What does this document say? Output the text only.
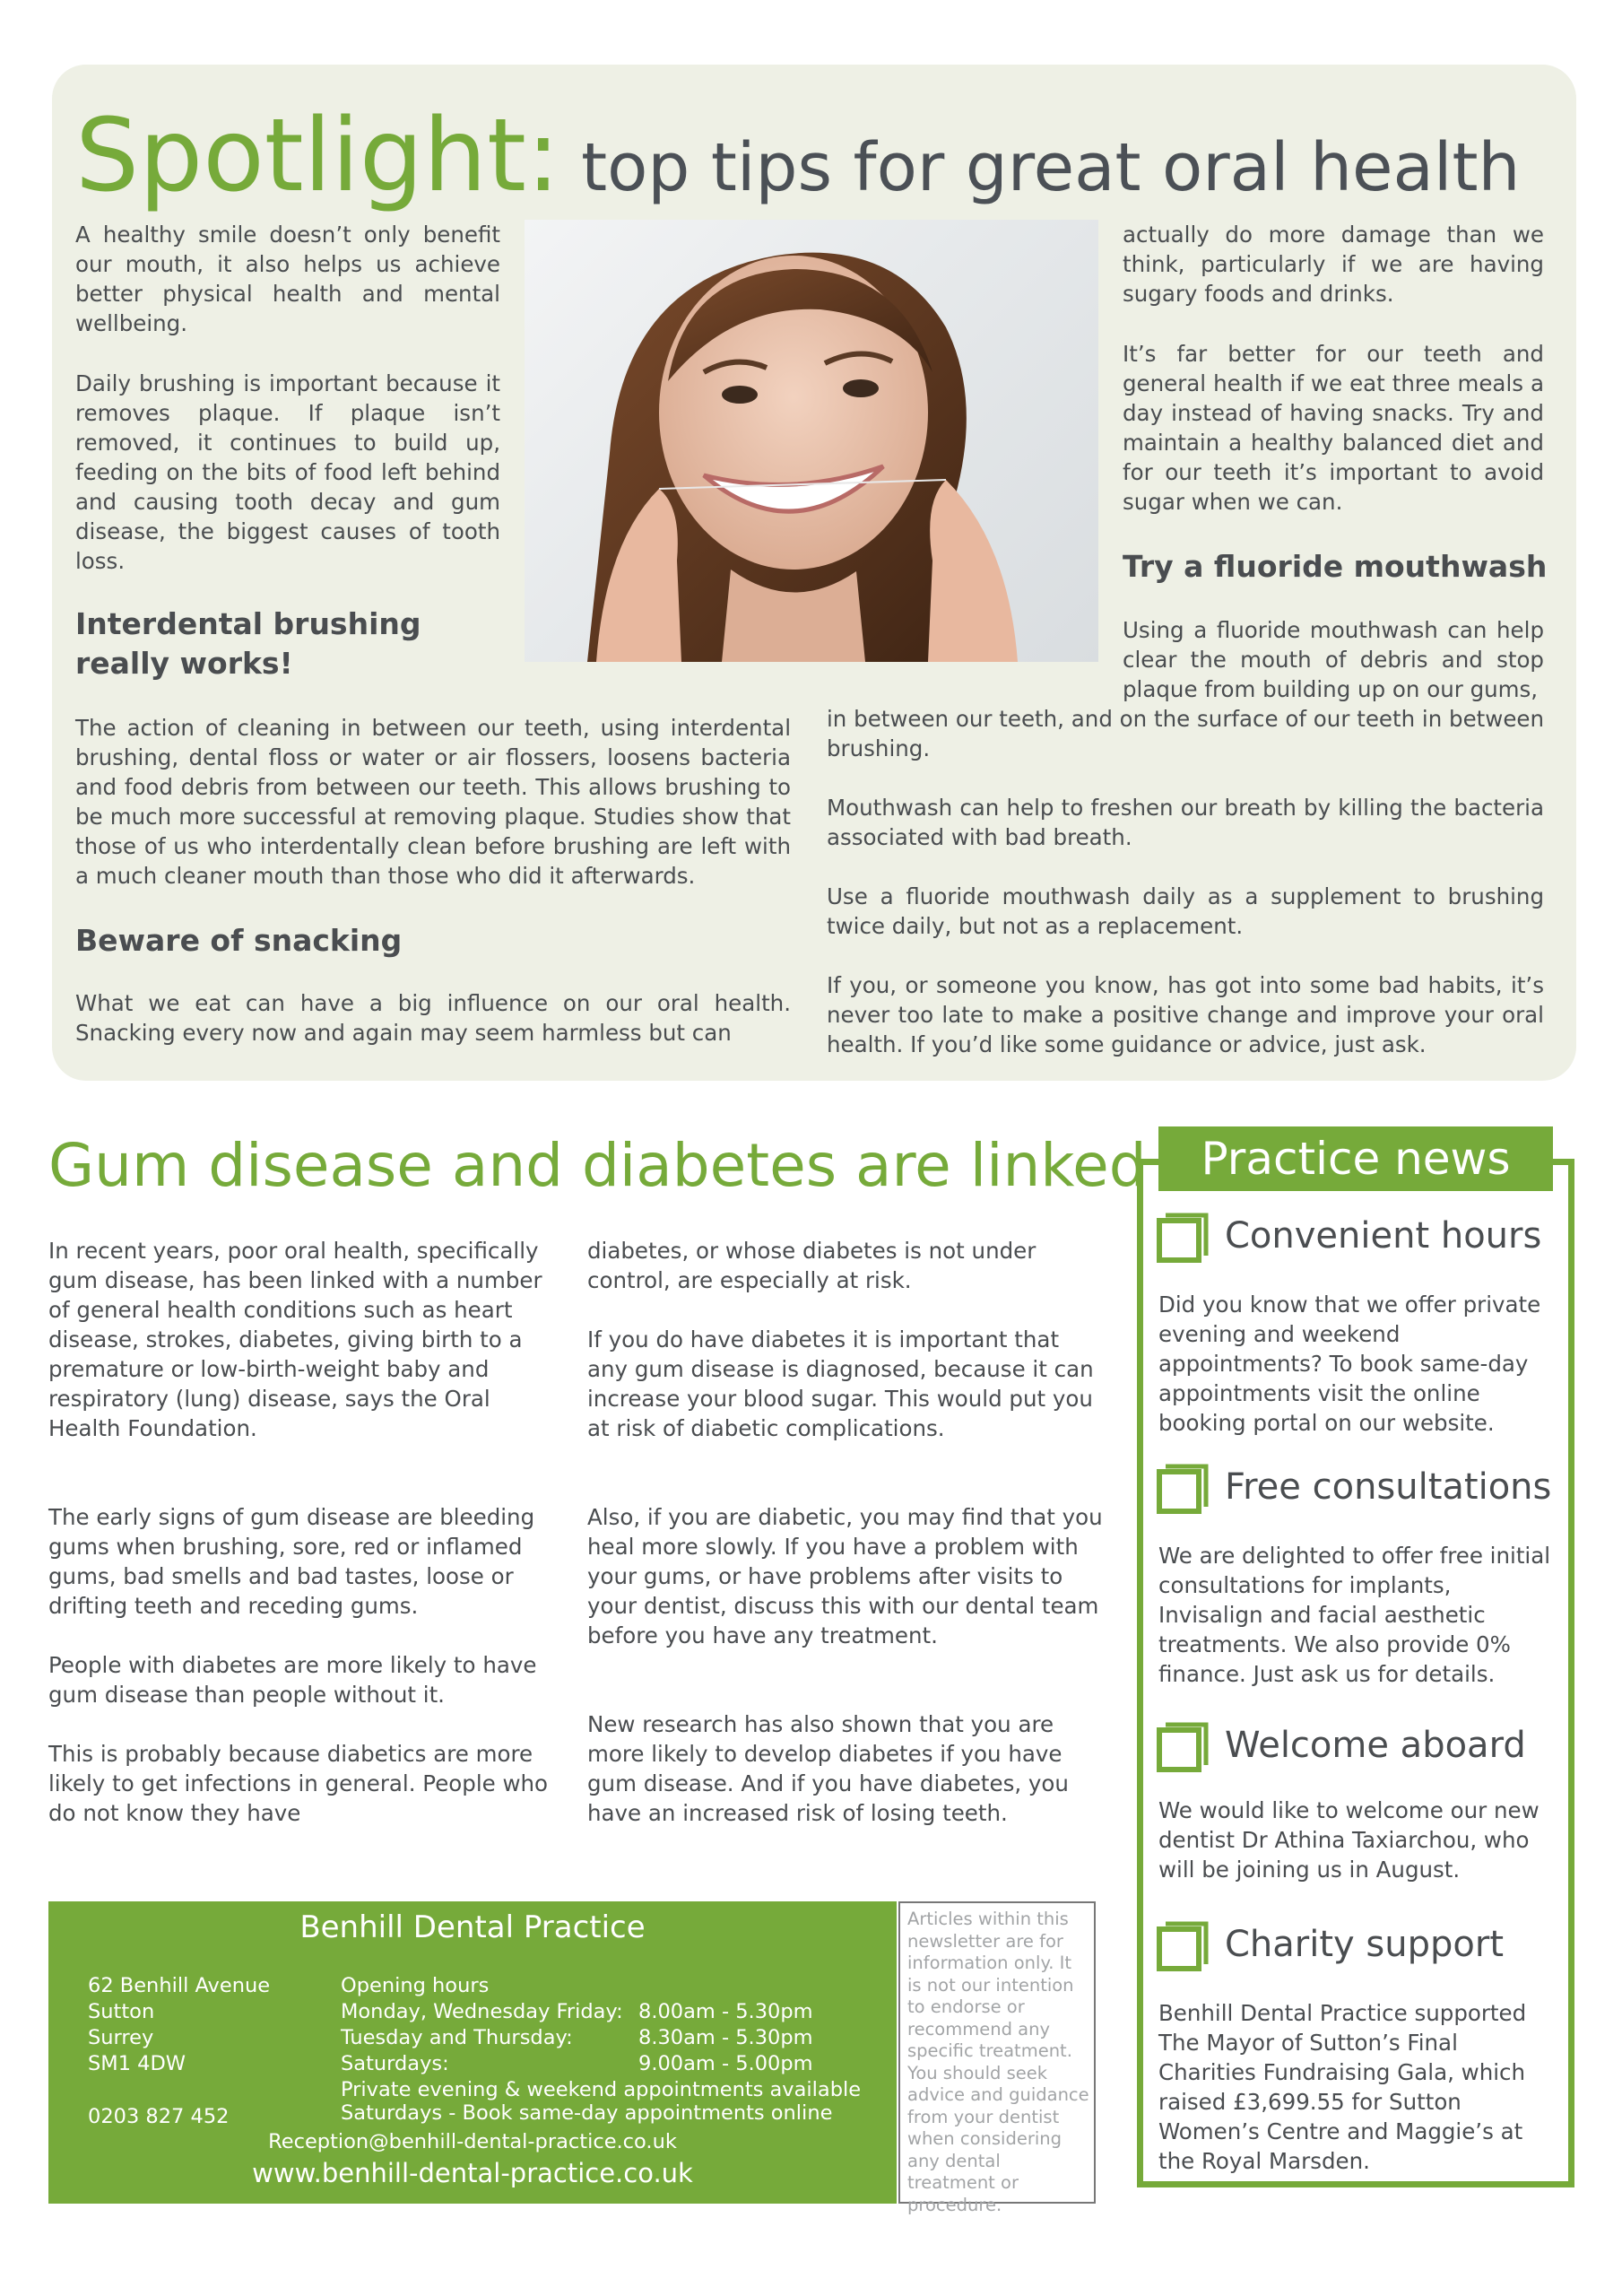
Spotlight: top tips for great oral health

A healthy smile doesn’t only benefit our mouth, it also helps us achieve better physical health and mental wellbeing.

Daily brushing is important because it removes plaque. If plaque isn’t removed, it continues to build up, feeding on the bits of food left behind and causing tooth decay and gum disease, the biggest causes of tooth loss.

Interdental brushing really works!

The action of cleaning in between our teeth, using interdental brushing, dental floss or water or air flossers, loosens bacteria and food debris from between our teeth. This allows brushing to be much more successful at removing plaque. Studies show that those of us who interdentally clean before brushing are left with a much cleaner mouth than those who did it afterwards.

Beware of snacking

What we eat can have a big influence on our oral health. Snacking every now and again may seem harmless but can

actually do more damage than we think, particularly if we are having sugary foods and drinks.

It’s far better for our teeth and general health if we eat three meals a day instead of having snacks. Try and maintain a healthy balanced diet and for our teeth it’s important to avoid sugar when we can.

Try a fluoride mouthwash

Using a fluoride mouthwash can help clear the mouth of debris and stop plaque from building up on our gums,

in between our teeth, and on the surface of our teeth in between brushing.

Mouthwash can help to freshen our breath by killing the bacteria associated with bad breath.

Use a fluoride mouthwash daily as a supplement to brushing twice daily, but not as a replacement.

If you, or someone you know, has got into some bad habits, it’s never too late to make a positive change and improve your oral health. If you’d like some guidance or advice, just ask.

Gum disease and diabetes are linked

In recent years, poor oral health, specifically gum disease, has been linked with a number of general health conditions such as heart disease, strokes, diabetes, giving birth to a premature or low-birth-weight baby and respiratory (lung) disease, says the Oral Health Foundation.

The early signs of gum disease are bleeding gums when brushing, sore, red or inflamed gums, bad smells and bad tastes, loose or drifting teeth and receding gums.

People with diabetes are more likely to have gum disease than people without it.

This is probably because diabetics are more likely to get infections in general. People who do not know they have

diabetes, or whose diabetes is not under control, are especially at risk.

If you do have diabetes it is important that any gum disease is diagnosed, because it can increase your blood sugar. This would put you at risk of diabetic complications.

Also, if you are diabetic, you may find that you heal more slowly. If you have a problem with your gums, or have problems after visits to your dentist, discuss this with our dental team before you have any treatment.

New research has also shown that you are more likely to develop diabetes if you have gum disease. And if you have diabetes, you have an increased risk of losing teeth.

Practice news
Convenient hours

Did you know that we offer private evening and weekend appointments? To book same-day appointments visit the online booking portal on our website.

Free consultations

We are delighted to offer free initial consultations for implants, Invisalign and facial aesthetic treatments. We also provide 0% finance. Just ask us for details.

Welcome aboard

We would like to welcome our new dentist Dr Athina Taxiarchou, who will be joining us in August.

Charity support

Benhill Dental Practice supported The Mayor of Sutton’s Final Charities Fundraising Gala, which raised £3,699.55 for Sutton Women’s Centre and Maggie’s at the Royal Marsden.

Benhill Dental Practice
62 Benhill Avenue
Sutton
Surrey
SM1 4DW
0203 827 452
Opening hours
Monday, Wednesday Friday: 8.00am - 5.30pm
Tuesday and Thursday:	8.30am - 5.30pm
Saturdays:	9.00am - 5.00pm
Private evening & weekend appointments available
Saturdays - Book same-day appointments online
Reception@benhill-dental-practice.co.uk
www.benhill-dental-practice.co.uk

Articles within this newsletter are for information only. It is not our intention to endorse or recommend any specific treatment. You should seek advice and guidance from your dentist when considering any dental treatment or procedure.
